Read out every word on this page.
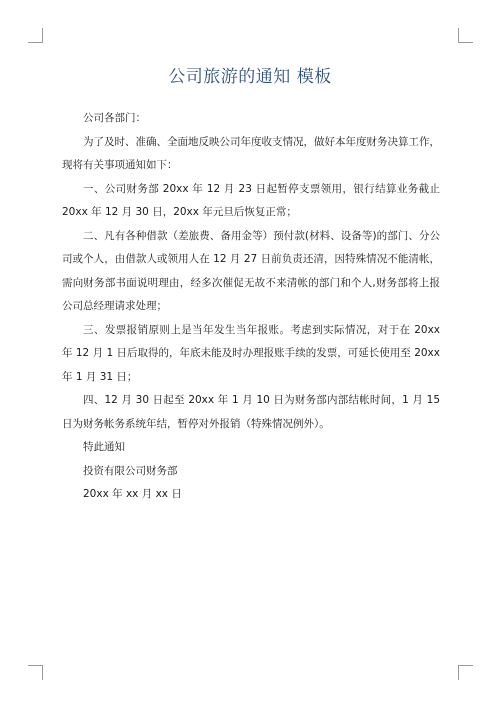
公司旅游的通知 模板

公司各部门：

为了及时、准确、全面地反映公司年度收支情况，做好本年度财务决算工作，现将有关事项通知如下：

一、公司财务部 20xx 年 12 月 23 日起暂停支票领用，银行结算业务截止 20xx 年 12 月 30 日，20xx 年元旦后恢复正常；

二、凡有各种借款（差旅费、备用金等）预付款(材料、设备等)的部门、分公司或个人，由借款人或领用人在 12 月 27 日前负责还清，因特殊情况不能清帐，需向财务部书面说明理由，经多次催促无故不来清帐的部门和个人,财务部将上报公司总经理请求处理；

三、发票报销原则上是当年发生当年报账。考虑到实际情况，对于在 20xx 年 12 月 1 日后取得的，年底未能及时办理报账手续的发票，可延长使用至 20xx 年 1 月 31 日；

四、12 月 30 日起至 20xx 年 1 月 10 日为财务部内部结帐时间，1 月 15 日为财务帐务系统年结，暂停对外报销（特殊情况例外）。

特此通知

投资有限公司财务部

20xx 年 xx 月 xx 日
